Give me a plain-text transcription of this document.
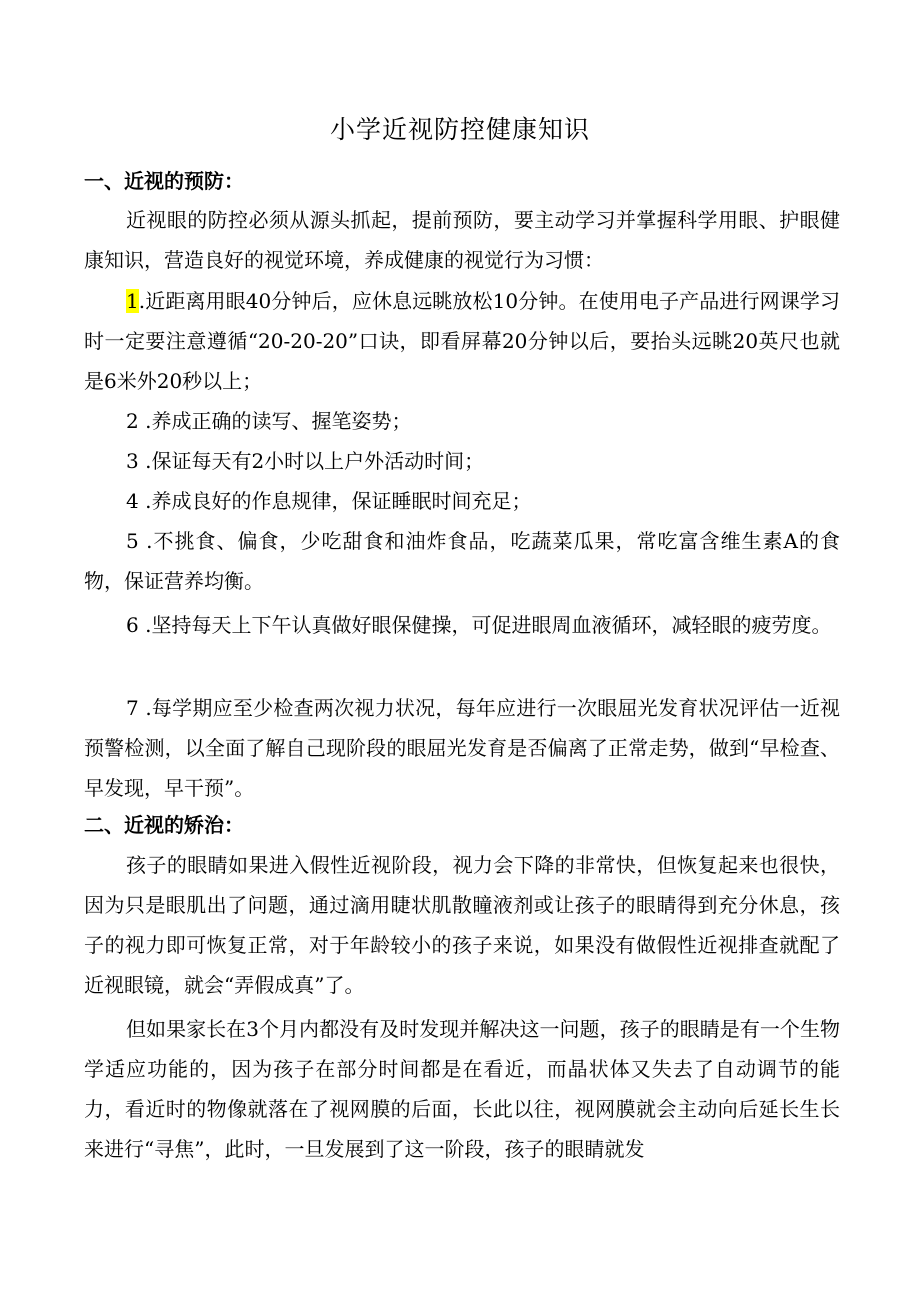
小学近视防控健康知识
一、近视的预防：
近视眼的防控必须从源头抓起，提前预防，要主动学习并掌握科学用眼、护眼健康知识，营造良好的视觉环境，养成健康的视觉行为习惯：
1.近距离用眼40分钟后，应休息远眺放松10分钟。在使用电子产品进行网课学习时一定要注意遵循“20-20-20”口诀，即看屏幕20分钟以后，要抬头远眺20英尺也就是6米外20秒以上；
2 .养成正确的读写、握笔姿势；
3 .保证每天有2小时以上户外活动时间；
4 .养成良好的作息规律，保证睡眠时间充足；
5 .不挑食、偏食，少吃甜食和油炸食品，吃蔬菜瓜果，常吃富含维生素A的食物，保证营养均衡。
6 .坚持每天上下午认真做好眼保健操，可促进眼周血液循环，减轻眼的疲劳度。
7 .每学期应至少检查两次视力状况，每年应进行一次眼屈光发育状况评估一近视预警检测，以全面了解自己现阶段的眼屈光发育是否偏离了正常走势，做到“早检查、早发现，早干预”。
二、近视的矫治：
孩子的眼睛如果进入假性近视阶段，视力会下降的非常快，但恢复起来也很快，因为只是眼肌出了问题，通过滴用睫状肌散瞳液剂或让孩子的眼睛得到充分休息，孩子的视力即可恢复正常，对于年龄较小的孩子来说，如果没有做假性近视排查就配了近视眼镜，就会“弄假成真”了。
但如果家长在3个月内都没有及时发现并解决这一问题，孩子的眼睛是有一个生物学适应功能的，因为孩子在部分时间都是在看近，而晶状体又失去了自动调节的能力，看近时的物像就落在了视网膜的后面，长此以往，视网膜就会主动向后延长生长来进行“寻焦”，此时，一旦发展到了这一阶段，孩子的眼睛就发
